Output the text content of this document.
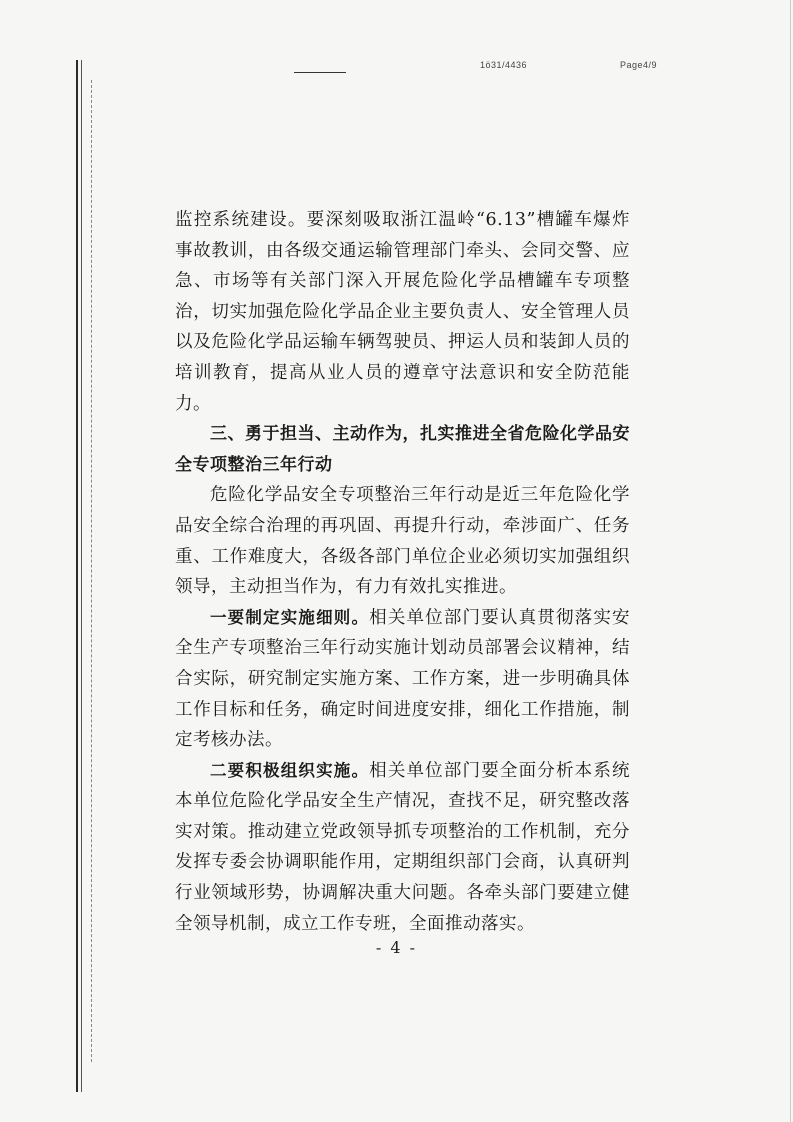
1ö31/4436	Page4/9

监控系统建设。要深刻吸取浙江温岭“6.13”槽罐车爆炸事故教训，由各级交通运输管理部门牵头、会同交警、应急、市场等有关部门深入开展危险化学品槽罐车专项整治，切实加强危险化学品企业主要负责人、安全管理人员以及危险化学品运输车辆驾驶员、押运人员和装卸人员的培训教育，提高从业人员的遵章守法意识和安全防范能力。

三、勇于担当、主动作为，扎实推进全省危险化学品安全专项整治三年行动

危险化学品安全专项整治三年行动是近三年危险化学品安全综合治理的再巩固、再提升行动，牵涉面广、任务重、工作难度大，各级各部门单位企业必须切实加强组织领导，主动担当作为，有力有效扎实推进。

一要制定实施细则。相关单位部门要认真贯彻落实安全生产专项整治三年行动实施计划动员部署会议精神，结合实际，研究制定实施方案、工作方案，进一步明确具体工作目标和任务，确定时间进度安排，细化工作措施，制定考核办法。

二要积极组织实施。相关单位部门要全面分析本系统本单位危险化学品安全生产情况，查找不足，研究整改落实对策。推动建立党政领导抓专项整治的工作机制，充分发挥专委会协调职能作用，定期组织部门会商，认真研判行业领域形势，协调解决重大问题。各牵头部门要建立健全领导机制，成立工作专班，全面推动落实。

- 4 -
